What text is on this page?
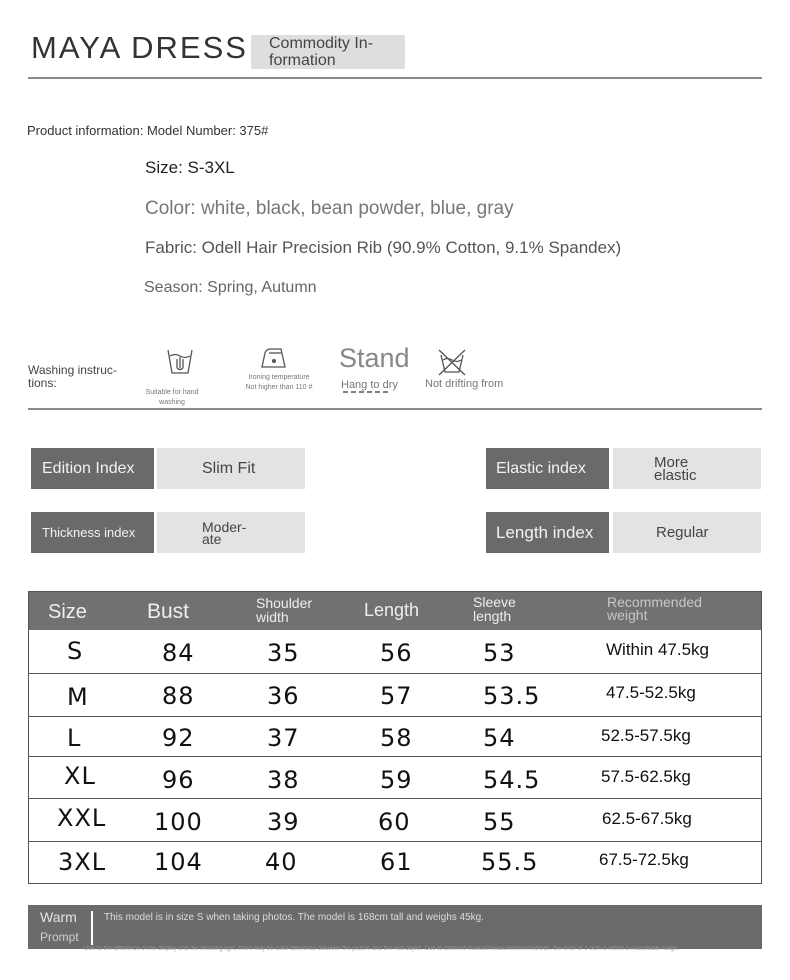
MAYA DRESS Commodity In-
formation
Product information: Model Number: 375#
Size: S-3XL
Color: white, black, bean powder, blue, gray
Fabric: Odell Hair Precision Rib (90.9% Cotton, 9.1% Spandex)
Season: Spring, Autumn
Washing instruc-
tions:
Suitable for hand washing
Ironing temperature
Not higher than 110 #
Stand
Hang to dry Not drifting from
Edition Index	Slim Fit	Elastic index	More
elastic
Thickness index	Moder-
ate	Length index	Regular
Size	Bust	Shoulder
width	Length	Sleeve
length
Recommended
weight
S	84	35	56	53	Within 47.5kg
M	88	36	57	53.5	47.5-52.5kg
L	92	37	58	54	52.5-57.5kg
XL	96	38	59	54.5	57.5-62.5kg
XXL 100	39	60	55	62.5-67.5kg
3XL 104	40	61	55.5	67.5-72.5kg
Warm
Prompt
This model is in size S when taking photos. The model is 168cm tall and weighs 45kg.
Due to the difference of the display and the shooting light, there may be color difference between the picture and the real object. Due to different manual measurement methods, the error of 1-3cm is within a reasonable range.
